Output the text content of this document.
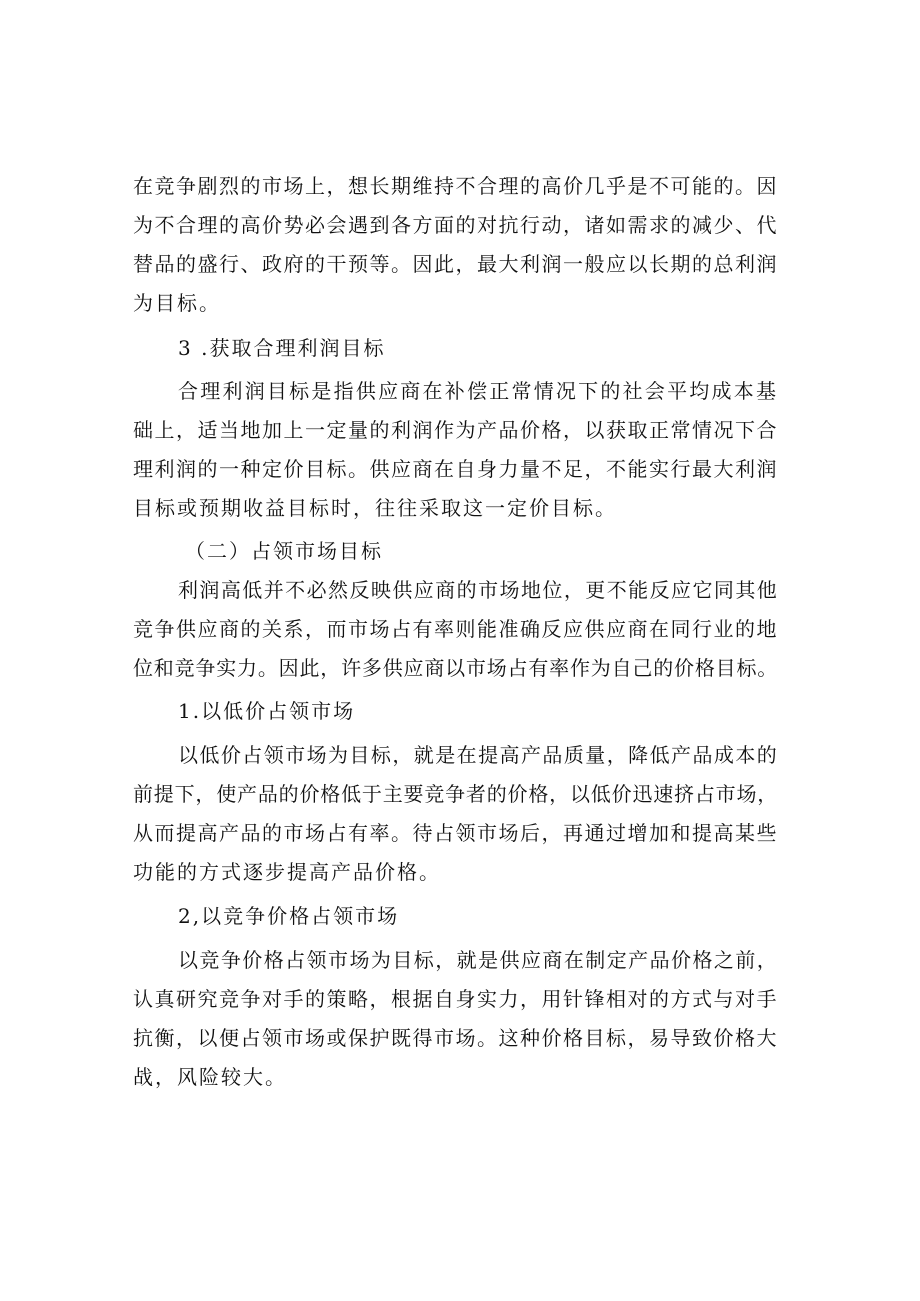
在竞争剧烈的市场上，想长期维持不合理的高价几乎是不可能的。因
为不合理的高价势必会遇到各方面的对抗行动，诸如需求的减少、代
替品的盛行、政府的干预等。因此，最大利润一般应以长期的总利润
为目标。
3 .获取合理利润目标
合理利润目标是指供应商在补偿正常情况下的社会平均成本基
础上，适当地加上一定量的利润作为产品价格，以获取正常情况下合
理利润的一种定价目标。供应商在自身力量不足，不能实行最大利润
目标或预期收益目标时，往往采取这一定价目标。
（二）占领市场目标
利润高低并不必然反映供应商的市场地位，更不能反应它同其他
竞争供应商的关系，而市场占有率则能准确反应供应商在同行业的地
位和竞争实力。因此，许多供应商以市场占有率作为自己的价格目标。
1.以低价占领市场
以低价占领市场为目标，就是在提高产品质量，降低产品成本的
前提下，使产品的价格低于主要竞争者的价格，以低价迅速挤占市场，
从而提高产品的市场占有率。待占领市场后，再通过增加和提高某些
功能的方式逐步提高产品价格。
2,以竞争价格占领市场
以竞争价格占领市场为目标，就是供应商在制定产品价格之前，
认真研究竞争对手的策略，根据自身实力，用针锋相对的方式与对手
抗衡，以便占领市场或保护既得市场。这种价格目标，易导致价格大
战，风险较大。
